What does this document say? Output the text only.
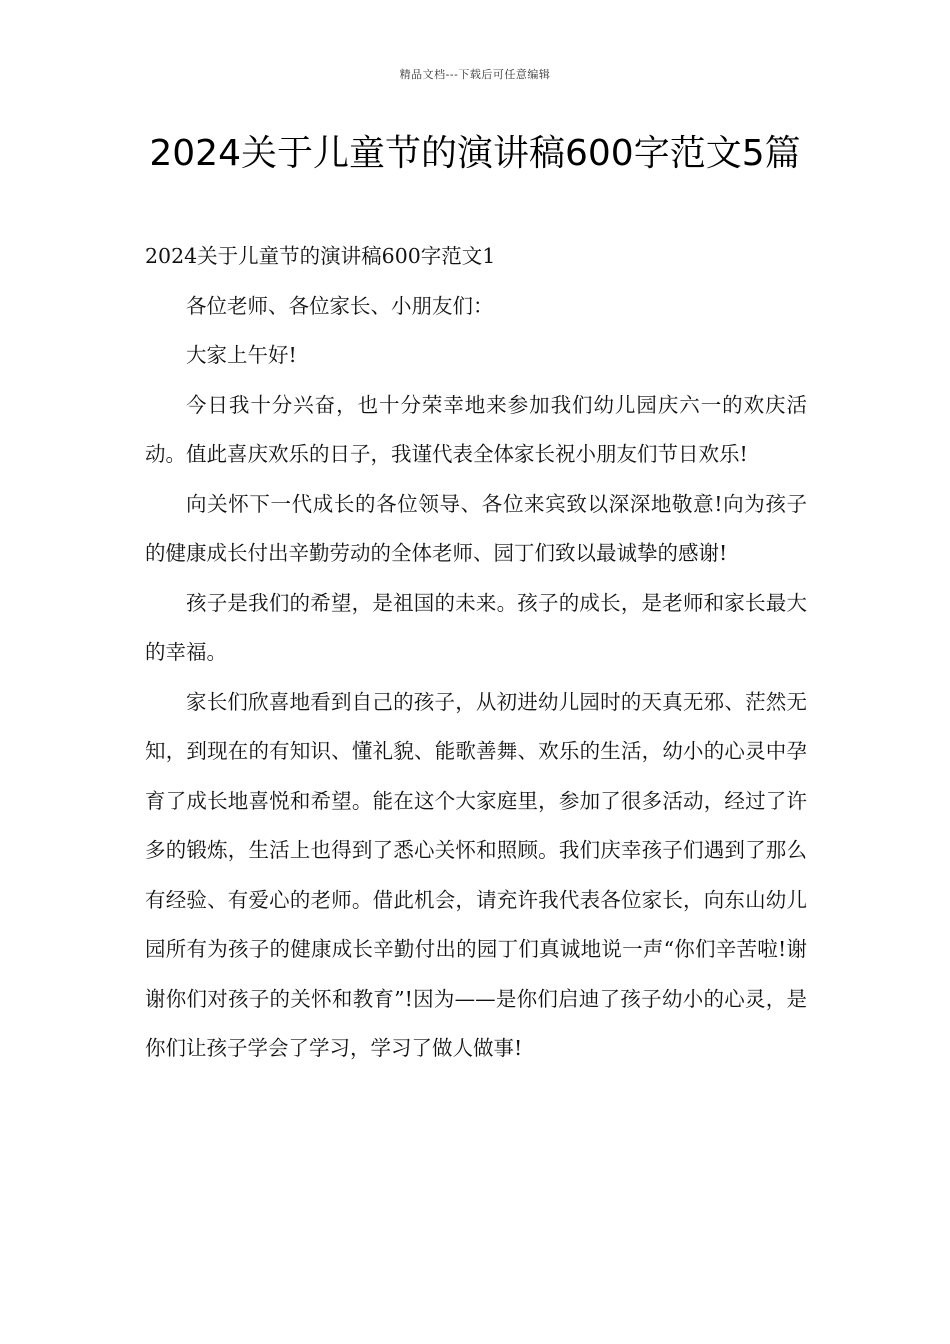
精品文档---下载后可任意编辑
2024关于儿童节的演讲稿600字范文5篇

2024关于儿童节的演讲稿600字范文1

各位老师、各位家长、小朋友们：

大家上午好!

今日我十分兴奋，也十分荣幸地来参加我们幼儿园庆六一的欢庆活动。值此喜庆欢乐的日子，我谨代表全体家长祝小朋友们节日欢乐!

向关怀下一代成长的各位领导、各位来宾致以深深地敬意!向为孩子的健康成长付出辛勤劳动的全体老师、园丁们致以最诚挚的感谢!

孩子是我们的希望，是祖国的未来。孩子的成长，是老师和家长最大的幸福。

家长们欣喜地看到自己的孩子，从初进幼儿园时的天真无邪、茫然无知，到现在的有知识、懂礼貌、能歌善舞、欢乐的生活，幼小的心灵中孕育了成长地喜悦和希望。能在这个大家庭里，参加了很多活动，经过了许多的锻炼，生活上也得到了悉心关怀和照顾。我们庆幸孩子们遇到了那么有经验、有爱心的老师。借此机会，请充许我代表各位家长，向东山幼儿园所有为孩子的健康成长辛勤付出的园丁们真诚地说一声“你们辛苦啦!谢谢你们对孩子的关怀和教育”!因为——是你们启迪了孩子幼小的心灵，是你们让孩子学会了学习，学习了做人做事!
